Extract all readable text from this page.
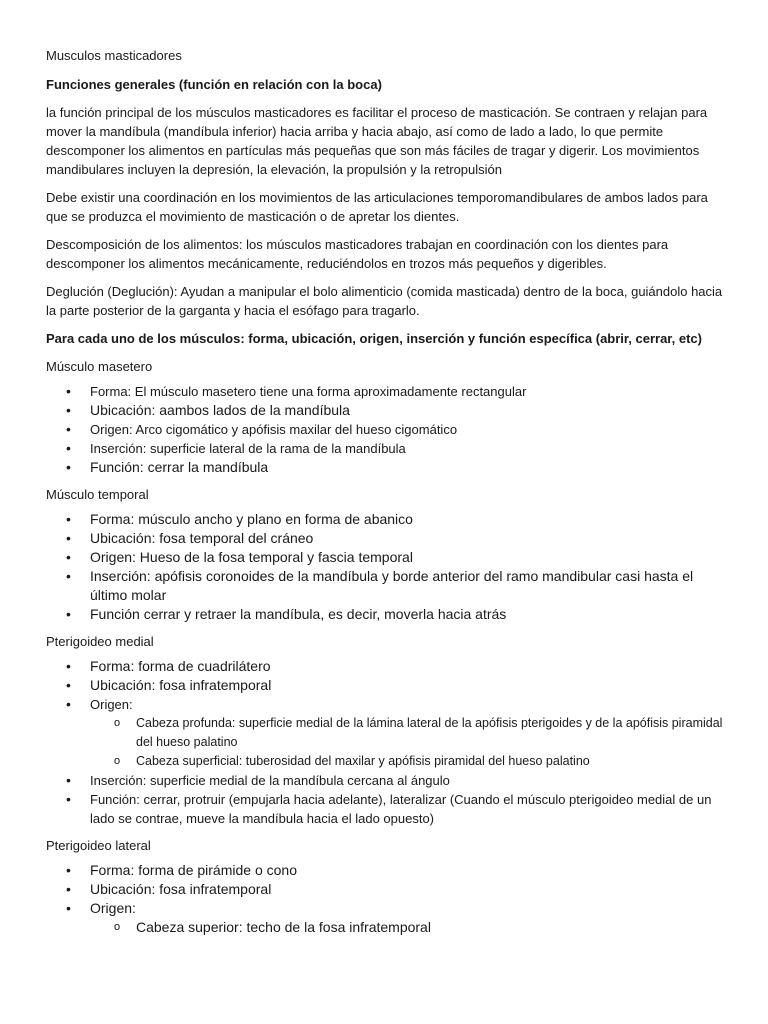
Musculos masticadores

Funciones generales (función en relación con la boca)

la función principal de los músculos masticadores es facilitar el proceso de masticación. Se contraen y relajan para mover la mandíbula (mandíbula inferior) hacia arriba y hacia abajo, así como de lado a lado, lo que permite descomponer los alimentos en partículas más pequeñas que son más fáciles de tragar y digerir. Los movimientos mandibulares incluyen la depresión, la elevación, la propulsión y la retropulsión

Debe existir una coordinación en los movimientos de las articulaciones temporomandibulares de ambos lados para que se produzca el movimiento de masticación o de apretar los dientes.

Descomposición de los alimentos: los músculos masticadores trabajan en coordinación con los dientes para descomponer los alimentos mecánicamente, reduciéndolos en trozos más pequeños y digeribles.

Deglución (Deglución): Ayudan a manipular el bolo alimenticio (comida masticada) dentro de la boca, guiándolo hacia la parte posterior de la garganta y hacia el esófago para tragarlo.

Para cada uno de los músculos: forma, ubicación, origen, inserción y función específica (abrir, cerrar, etc)

Músculo masetero

• Forma: El músculo masetero tiene una forma aproximadamente rectangular
• Ubicación: aambos lados de la mandíbula
• Origen: Arco cigomático y apófisis maxilar del hueso cigomático
• Inserción: superficie lateral de la rama de la mandíbula
• Función: cerrar la mandíbula

Músculo temporal

• Forma: músculo ancho y plano en forma de abanico
• Ubicación: fosa temporal del cráneo
• Origen: Hueso de la fosa temporal y fascia temporal
• Inserción: apófisis coronoides de la mandíbula y borde anterior del ramo mandibular casi hasta el último molar
• Función cerrar y retraer la mandíbula, es decir, moverla hacia atrás

Pterigoideo medial

• Forma: forma de cuadrilátero
• Ubicación: fosa infratemporal
• Origen:
o Cabeza profunda: superficie medial de la lámina lateral de la apófisis pterigoides y de la apófisis piramidal del hueso palatino
o Cabeza superficial: tuberosidad del maxilar y apófisis piramidal del hueso palatino
• Inserción: superficie medial de la mandíbula cercana al ángulo
• Función: cerrar, protruir (empujarla hacia adelante), lateralizar (Cuando el músculo pterigoideo medial de un lado se contrae, mueve la mandíbula hacia el lado opuesto)

Pterigoideo lateral

• Forma: forma de pirámide o cono
• Ubicación: fosa infratemporal
• Origen:
o Cabeza superior: techo de la fosa infratemporal
